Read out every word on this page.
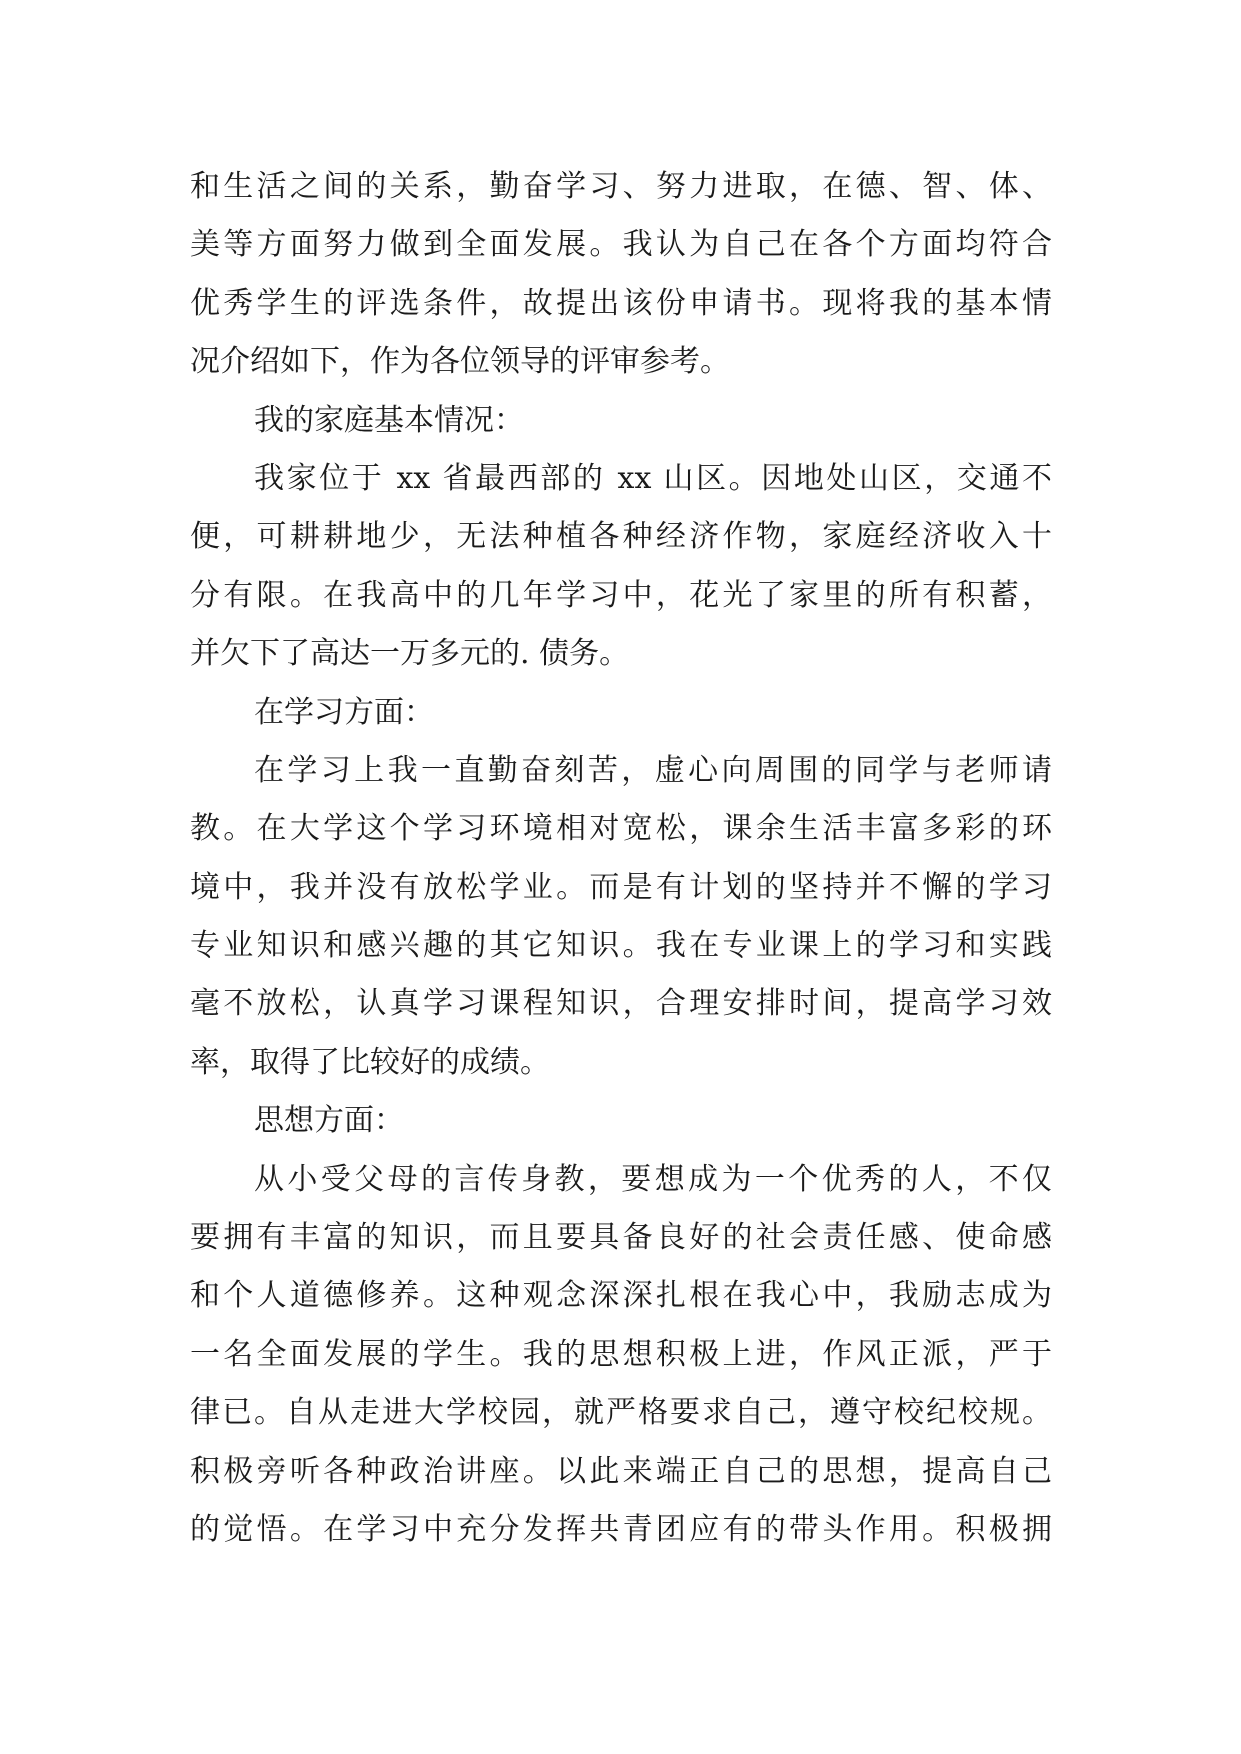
和生活之间的关系，勤奋学习、努力进取，在德、智、体、
美等方面努力做到全面发展。我认为自己在各个方面均符合
优秀学生的评选条件，故提出该份申请书。现将我的基本情
况介绍如下，作为各位领导的评审参考。
我的家庭基本情况：
我家位于 xx 省最西部的 xx 山区。因地处山区，交通不
便，可耕耕地少，无法种植各种经济作物，家庭经济收入十
分有限。在我高中的几年学习中，花光了家里的所有积蓄，
并欠下了高达一万多元的. 债务。
在学习方面：
在学习上我一直勤奋刻苦，虚心向周围的同学与老师请
教。在大学这个学习环境相对宽松，课余生活丰富多彩的环
境中，我并没有放松学业。而是有计划的坚持并不懈的学习
专业知识和感兴趣的其它知识。我在专业课上的学习和实践
毫不放松，认真学习课程知识，合理安排时间，提高学习效
率，取得了比较好的成绩。
思想方面：
从小受父母的言传身教，要想成为一个优秀的人，不仅
要拥有丰富的知识，而且要具备良好的社会责任感、使命感
和个人道德修养。这种观念深深扎根在我心中，我励志成为
一名全面发展的学生。我的思想积极上进，作风正派，严于
律已。自从走进大学校园，就严格要求自己，遵守校纪校规。
积极旁听各种政治讲座。以此来端正自己的思想，提高自己
的觉悟。在学习中充分发挥共青团应有的带头作用。积极拥
